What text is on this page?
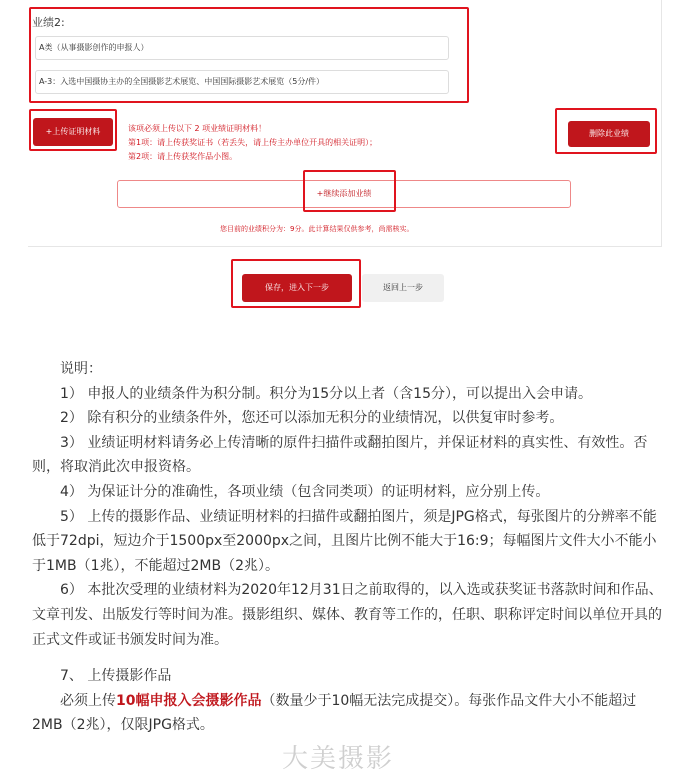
业绩2:
A类（从事摄影创作的申报人）
A-3：入选中国摄协主办的全国摄影艺术展览、中国国际摄影艺术展览（5分/件）
+上传证明材料	该项必须上传以下 2 项业绩证明材料！
第1项：请上传获奖证书（若丢失，请上传主办单位开具的相关证明）；
第2项：请上传获奖作品小图。
删除此业绩
+继续添加业绩
您目前的业绩积分为：9分。此计算结果仅供参考，尚需核实。
保存，进入下一步	返回上一步

说明：

1） 申报人的业绩条件为积分制。积分为15分以上者（含15分），可以提出入会申请。

2） 除有积分的业绩条件外，您还可以添加无积分的业绩情况，以供复审时参考。

3） 业绩证明材料请务必上传清晰的原件扫描件或翻拍图片，并保证材料的真实性、有效性。否则，将取消此次申报资格。

4） 为保证计分的准确性，各项业绩（包含同类项）的证明材料，应分别上传。

5） 上传的摄影作品、业绩证明材料的扫描件或翻拍图片，须是JPG格式，每张图片的分辨率不能低于72dpi，短边介于1500px至2000px之间，且图片比例不能大于16:9；每幅图片文件大小不能小于1MB（1兆），不能超过2MB（2兆）。

6） 本批次受理的业绩材料为2020年12月31日之前取得的，以入选或获奖证书落款时间和作品、文章刊发、出版发行等时间为准。摄影组织、媒体、教育等工作的，任职、职称评定时间以单位开具的正式文件或证书颁发时间为准。

7、 上传摄影作品

必须上传10幅申报入会摄影作品（数量少于10幅无法完成提交）。每张作品文件大小不能超过2MB（2兆），仅限JPG格式。

大美摄影
